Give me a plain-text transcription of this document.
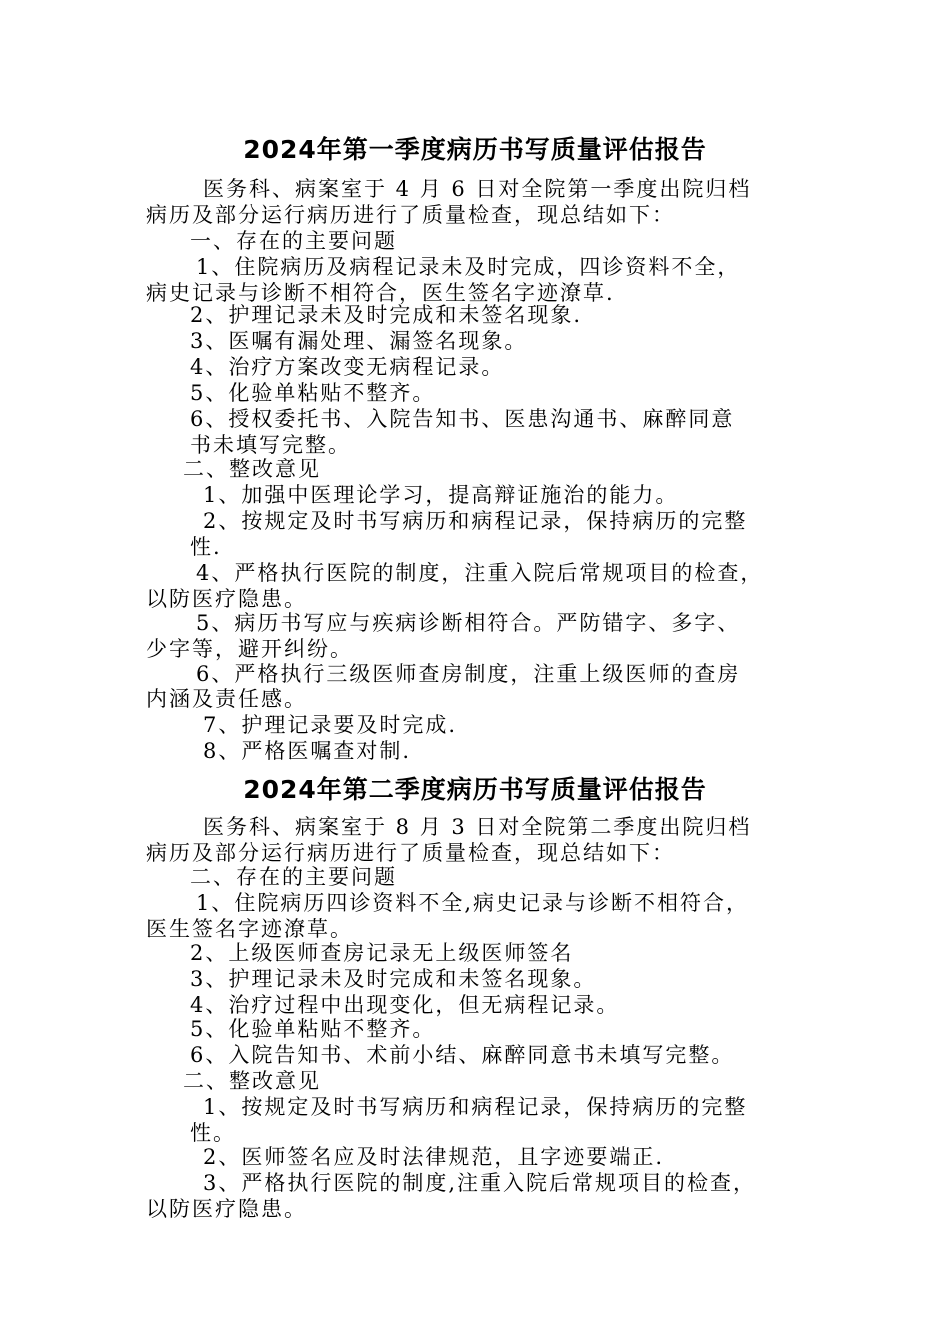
2024年第一季度病历书写质量评估报告
医务科、病案室于 4 月 6 日对全院第一季度出院归档
病历及部分运行病历进行了质量检查，现总结如下：
一、存在的主要问题
1、住院病历及病程记录未及时完成，四诊资料不全，
病史记录与诊断不相符合，医生签名字迹潦草.
2、护理记录未及时完成和未签名现象.
3、医嘱有漏处理、漏签名现象。
4、治疗方案改变无病程记录。
5、化验单粘贴不整齐。
6、授权委托书、入院告知书、医患沟通书、麻醉同意
书未填写完整。
二、整改意见
1、加强中医理论学习，提高辩证施治的能力。
2、按规定及时书写病历和病程记录，保持病历的完整
性.
4、严格执行医院的制度，注重入院后常规项目的检查，
以防医疗隐患。
5、病历书写应与疾病诊断相符合。严防错字、多字、
少字等，避开纠纷。
6、严格执行三级医师查房制度，注重上级医师的查房
内涵及责任感。
7、护理记录要及时完成.
8、严格医嘱查对制.
2024年第二季度病历书写质量评估报告
医务科、病案室于 8 月 3 日对全院第二季度出院归档
病历及部分运行病历进行了质量检查，现总结如下：
二、存在的主要问题
1、住院病历四诊资料不全,病史记录与诊断不相符合，
医生签名字迹潦草。
2、上级医师查房记录无上级医师签名
3、护理记录未及时完成和未签名现象。
4、治疗过程中出现变化，但无病程记录。
5、化验单粘贴不整齐。
6、入院告知书、术前小结、麻醉同意书未填写完整。
二、整改意见
1、按规定及时书写病历和病程记录，保持病历的完整
性。
2、医师签名应及时法律规范，且字迹要端正.
3、严格执行医院的制度,注重入院后常规项目的检查，
以防医疗隐患。
